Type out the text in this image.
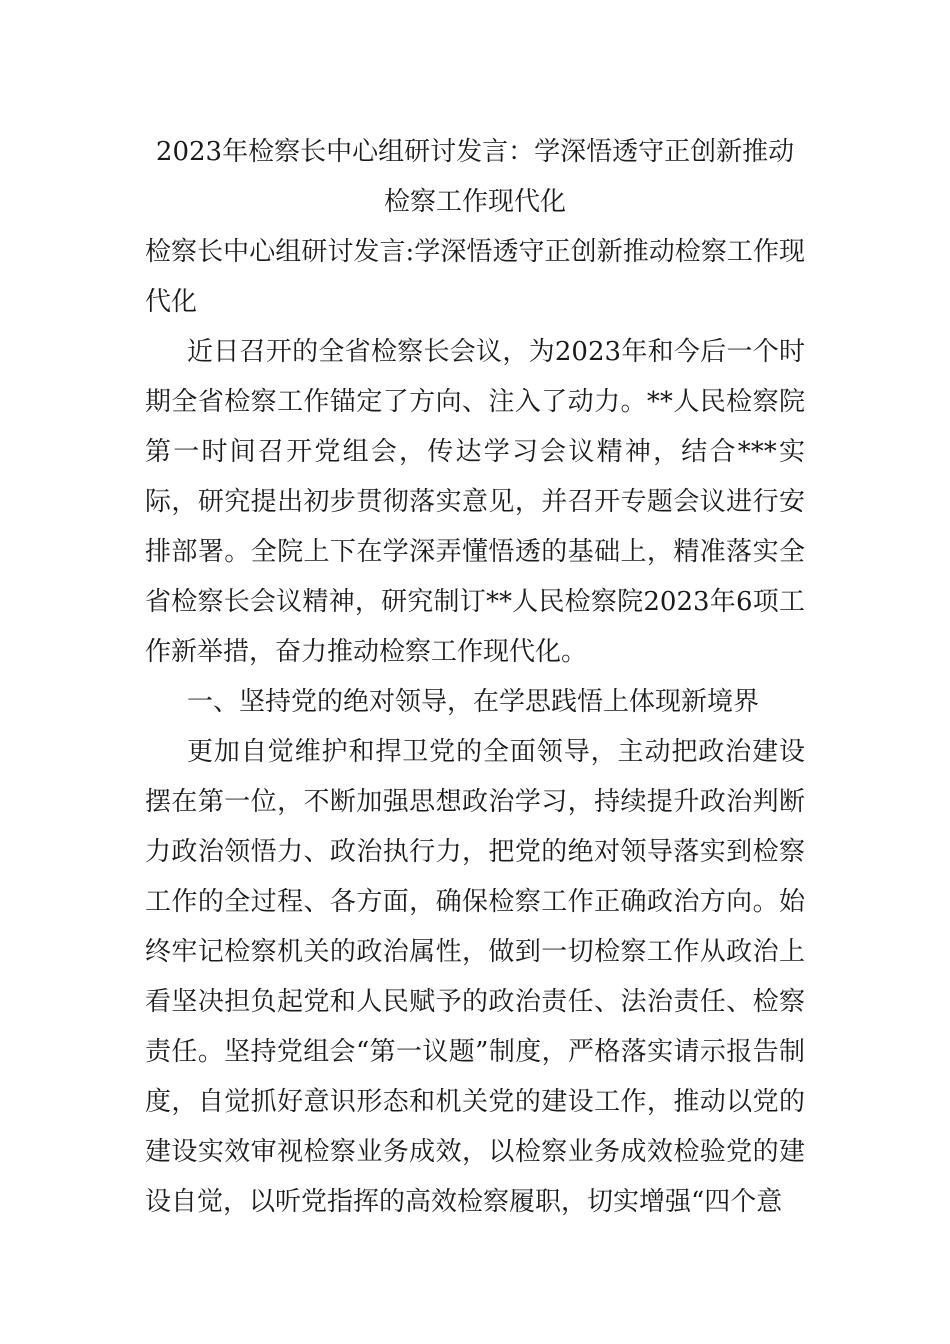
2023年检察长中心组研讨发言：学深悟透守正创新推动检察工作现代化

检察长中心组研讨发言:学深悟透守正创新推动检察工作现代化

近日召开的全省检察长会议，为2023年和今后一个时期全省检察工作锚定了方向、注入了动力。**人民检察院第一时间召开党组会，传达学习会议精神，结合***实际，研究提出初步贯彻落实意见，并召开专题会议进行安排部署。全院上下在学深弄懂悟透的基础上，精准落实全省检察长会议精神，研究制订**人民检察院2023年6项工作新举措，奋力推动检察工作现代化。

一、坚持党的绝对领导，在学思践悟上体现新境界

更加自觉维护和捍卫党的全面领导，主动把政治建设摆在第一位，不断加强思想政治学习，持续提升政治判断力政治领悟力、政治执行力，把党的绝对领导落实到检察工作的全过程、各方面，确保检察工作正确政治方向。始终牢记检察机关的政治属性，做到一切检察工作从政治上看坚决担负起党和人民赋予的政治责任、法治责任、检察责任。坚持党组会“第一议题”制度，严格落实请示报告制度，自觉抓好意识形态和机关党的建设工作，推动以党的建设实效审视检察业务成效，以检察业务成效检验党的建设自觉，以听党指挥的高效检察履职，切实增强“四个意
